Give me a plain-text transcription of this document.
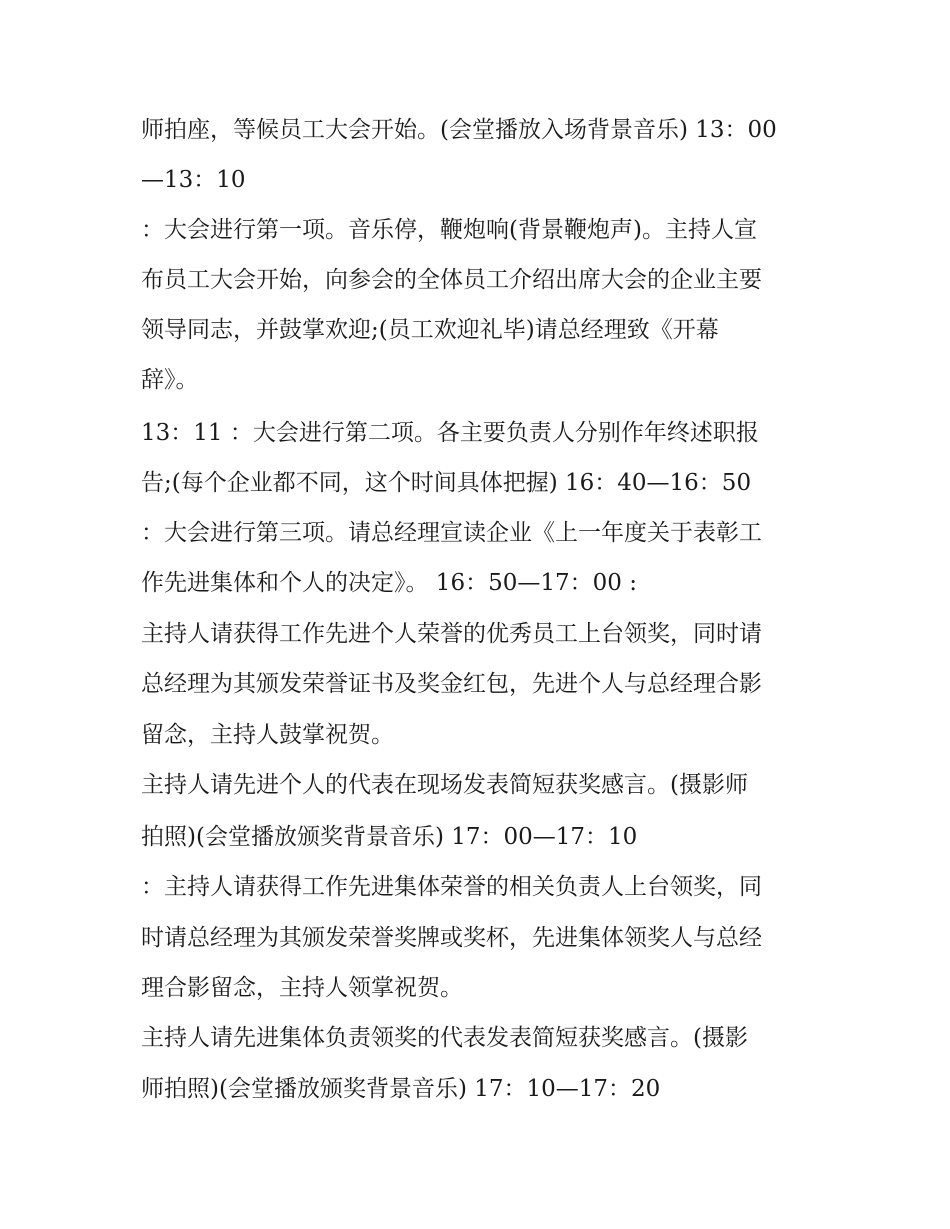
师拍座，等候员工大会开始。(会堂播放入场背景音乐) 13：00
—13：10
：大会进行第一项。音乐停，鞭炮响(背景鞭炮声)。主持人宣
布员工大会开始，向参会的全体员工介绍出席大会的企业主要
领导同志，并鼓掌欢迎;(员工欢迎礼毕)请总经理致《开幕
辞》。
13：11 ：大会进行第二项。各主要负责人分别作年终述职报
告;(每个企业都不同，这个时间具体把握) 16：40—16：50
：大会进行第三项。请总经理宣读企业《上一年度关于表彰工
作先进集体和个人的决定》。 16：50—17：00 :
主持人请获得工作先进个人荣誉的优秀员工上台领奖，同时请
总经理为其颁发荣誉证书及奖金红包，先进个人与总经理合影
留念，主持人鼓掌祝贺。
主持人请先进个人的代表在现场发表简短获奖感言。(摄影师
拍照)(会堂播放颁奖背景音乐) 17：00—17：10
：主持人请获得工作先进集体荣誉的相关负责人上台领奖，同
时请总经理为其颁发荣誉奖牌或奖杯，先进集体领奖人与总经
理合影留念，主持人领掌祝贺。
主持人请先进集体负责领奖的代表发表简短获奖感言。(摄影
师拍照)(会堂播放颁奖背景音乐) 17：10—17：20
